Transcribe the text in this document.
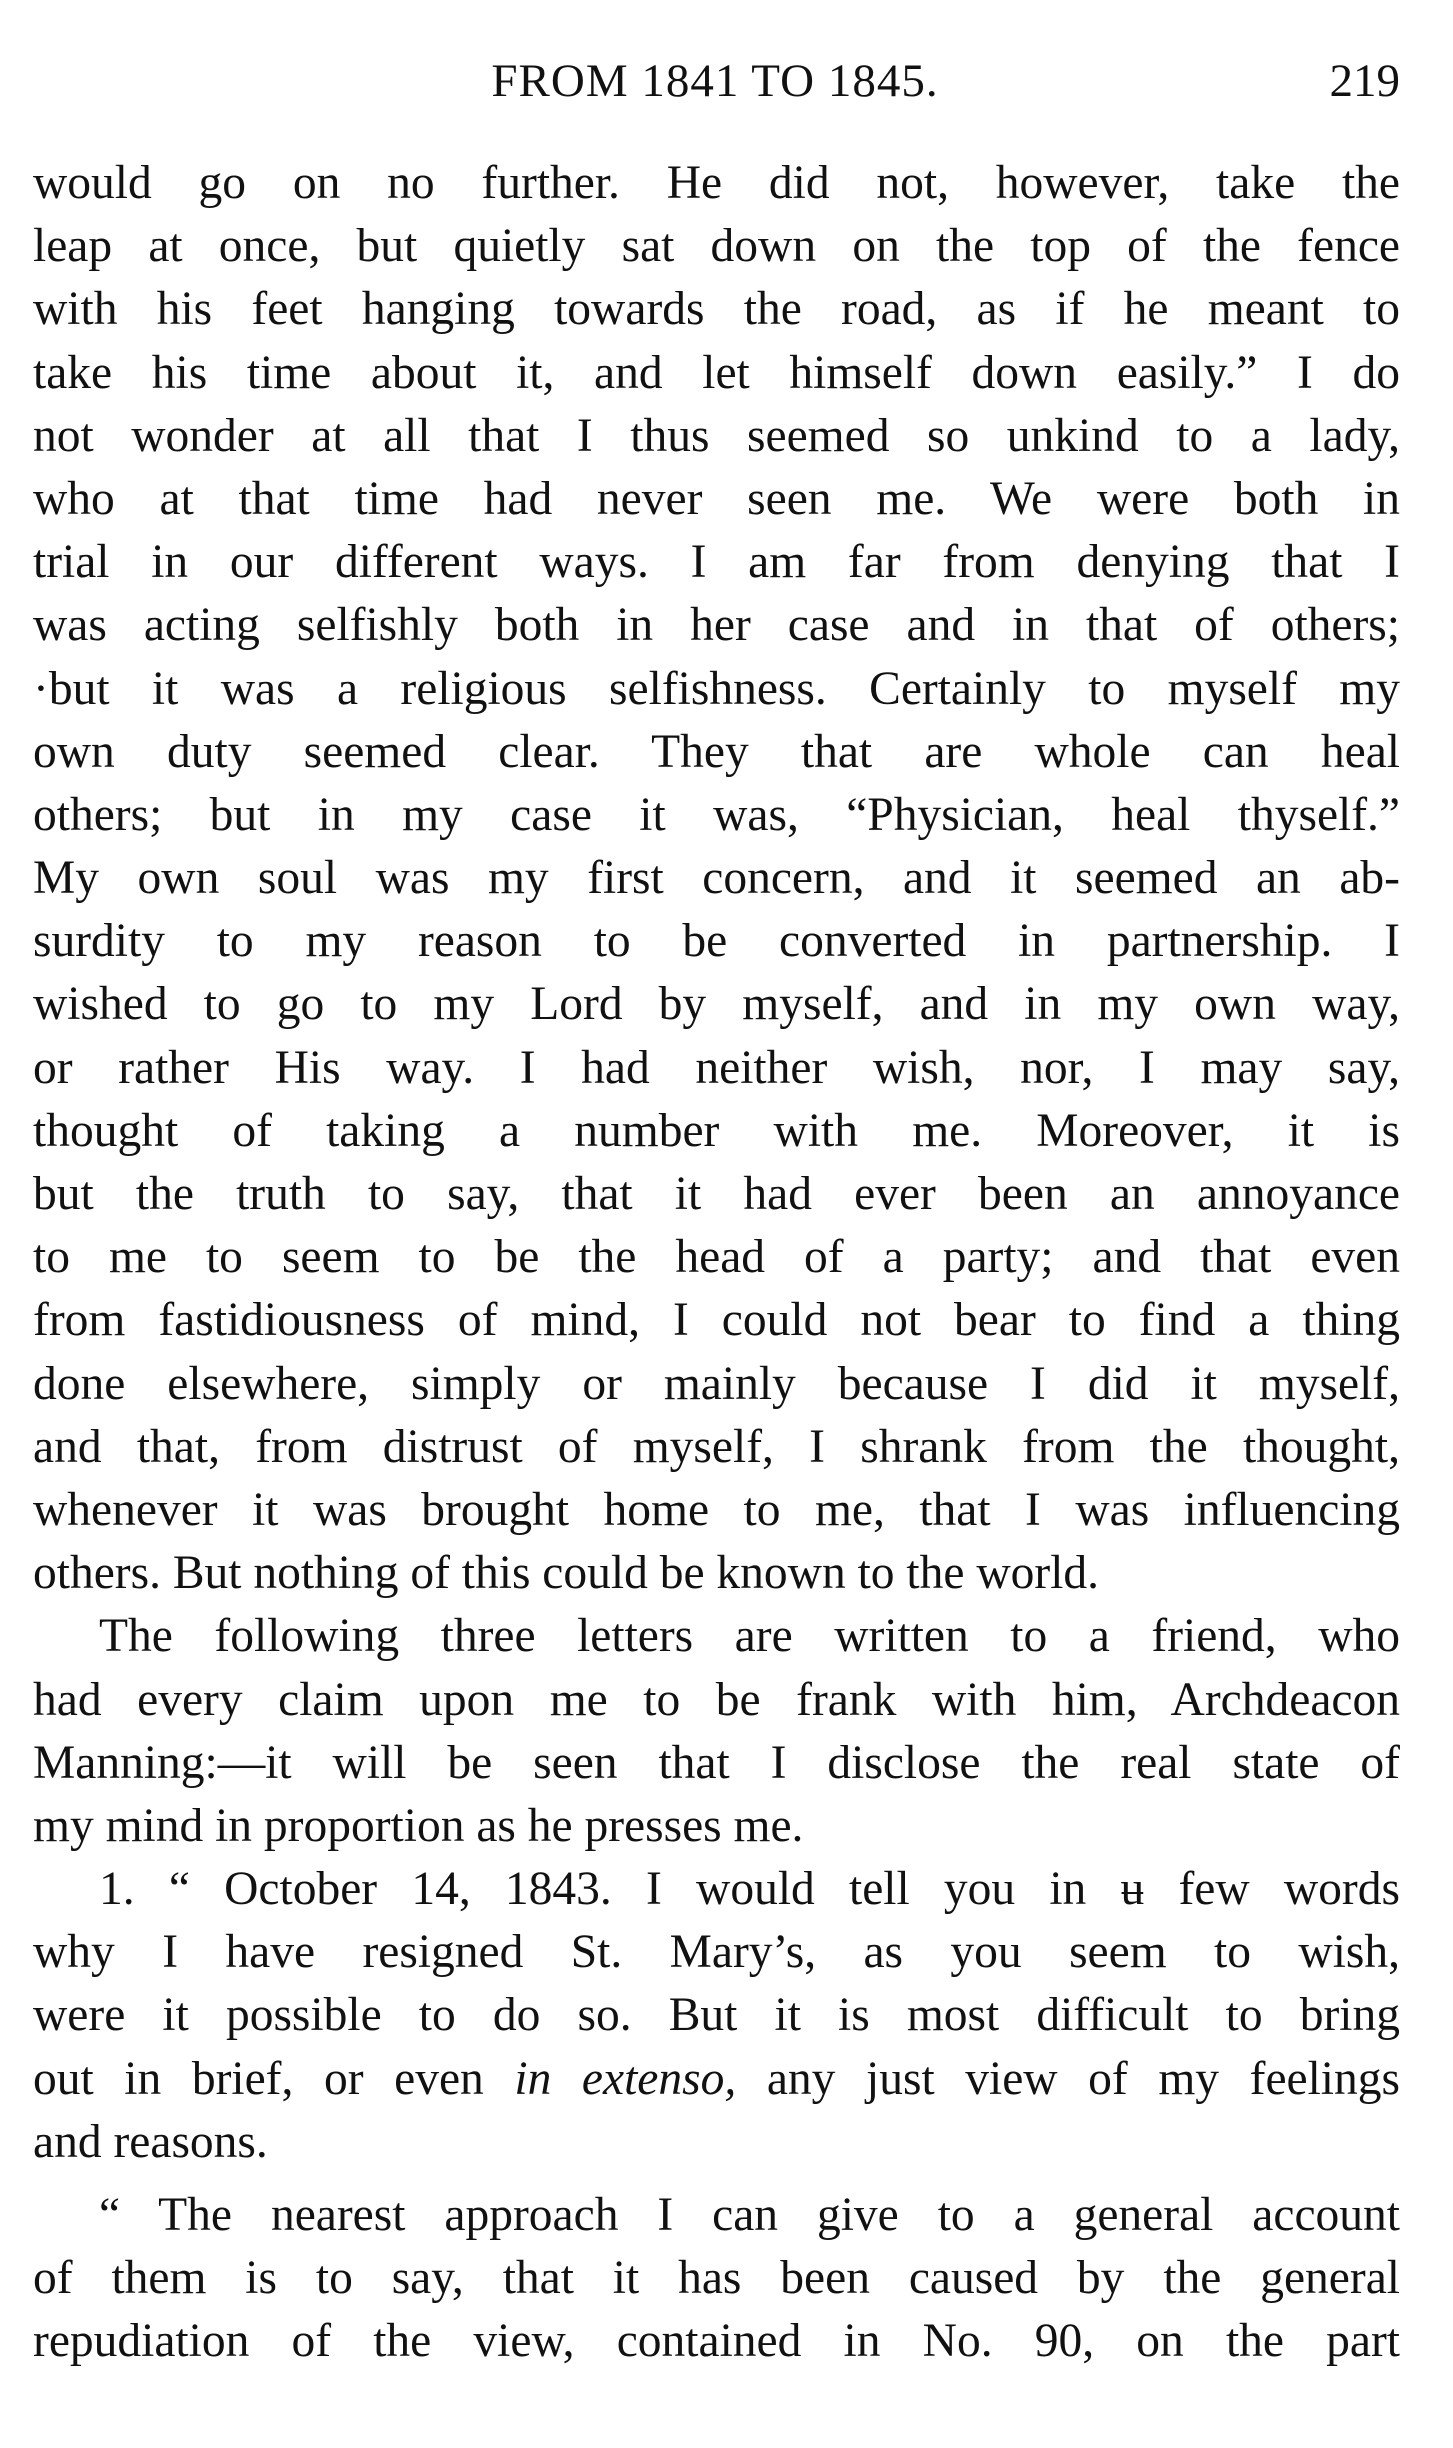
FROM 1841 TO 1845.	219
would go on no further. He did not, however, take the
leap at once, but quietly sat down on the top of the fence
with his feet hanging towards the road, as if he meant to
take his time about it, and let himself down easily.” I do
not wonder at all that I thus seemed so unkind to a lady,
who at that time had never seen me. We were both in
trial in our different ways. I am far from denying that I
was acting selfishly both in her case and in that of others;
·but it was a religious selfishness. Certainly to myself my
own duty seemed clear. They that are whole can heal
others; but in my case it was, “Physician, heal thyself.”
My own soul was my first concern, and it seemed an ab-
surdity to my reason to be converted in partnership. I
wished to go to my Lord by myself, and in my own way,
or rather His way. I had neither wish, nor, I may say,
thought of taking a number with me. Moreover, it is
but the truth to say, that it had ever been an annoyance
to me to seem to be the head of a party; and that even
from fastidiousness of mind, I could not bear to find a thing
done elsewhere, simply or mainly because I did it myself,
and that, from distrust of myself, I shrank from the thought,
whenever it was brought home to me, that I was influencing
others. But nothing of this could be known to the world.
The following three letters are written to a friend, who
had every claim upon me to be frank with him, Archdeacon
Manning:—it will be seen that I disclose the real state of
my mind in proportion as he presses me.
1. “ October 14, 1843. I would tell you in ʉ few words
why I have resigned St. Mary’s, as you seem to wish,
were it possible to do so. But it is most difficult to bring
out in brief, or even in extenso, any just view of my feelings
and reasons.
“ The nearest approach I can give to a general account
of them is to say, that it has been caused by the general
repudiation of the view, contained in No. 90, on the part
